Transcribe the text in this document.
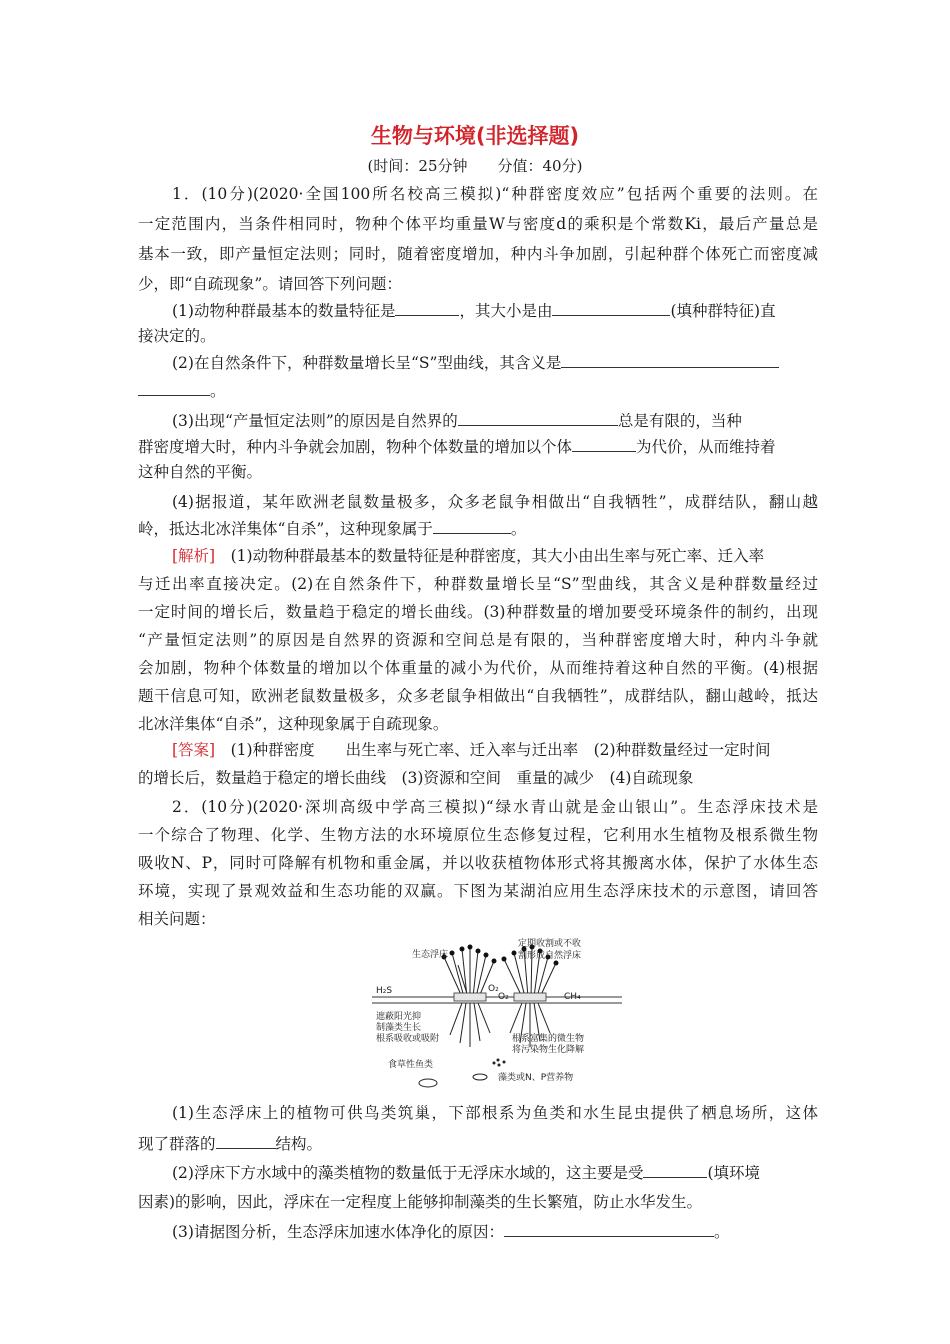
生物与环境(非选择题)
(时间：25分钟　　分值：40分)
1．(10分)(2020·全国100所名校高三模拟)“种群密度效应”包括两个重要的法则。在
一定范围内，当条件相同时，物种个体平均重量W与密度d的乘积是个常数Ki，最后产量总是
基本一致，即产量恒定法则；同时，随着密度增加，种内斗争加剧，引起种群个体死亡而密度减
少，即“自疏现象”。请回答下列问题：
(1)动物种群最基本的数量特征是	，其大小是由	(填种群特征)直
接决定的。
(2)在自然条件下，种群数量增长呈“S”型曲线，其含义是
。
(3)出现“产量恒定法则”的原因是自然界的	总是有限的，当种
群密度增大时，种内斗争就会加剧，物种个体数量的增加以个体	为代价，从而维持着
这种自然的平衡。
(4)据报道，某年欧洲老鼠数量极多，众多老鼠争相做出“自我牺牲”，成群结队，翻山越
岭，抵达北冰洋集体“自杀”，这种现象属于	。
[解析]　(1)动物种群最基本的数量特征是种群密度，其大小由出生率与死亡率、迁入率
与迁出率直接决定。(2)在自然条件下，种群数量增长呈“S”型曲线，其含义是种群数量经过
一定时间的增长后，数量趋于稳定的增长曲线。(3)种群数量的增加要受环境条件的制约，出现
“产量恒定法则”的原因是自然界的资源和空间总是有限的，当种群密度增大时，种内斗争就
会加剧，物种个体数量的增加以个体重量的减小为代价，从而维持着这种自然的平衡。(4)根据
题干信息可知，欧洲老鼠数量极多，众多老鼠争相做出“自我牺牲”，成群结队，翻山越岭，抵达
北冰洋集体“自杀”，这种现象属于自疏现象。
[答案]　(1)种群密度　　出生率与死亡率、迁入率与迁出率　(2)种群数量经过一定时间
的增长后，数量趋于稳定的增长曲线　(3)资源和空间　重量的减少　(4)自疏现象
2．(10分)(2020·深圳高级中学高三模拟)“绿水青山就是金山银山”。生态浮床技术是
一个综合了物理、化学、生物方法的水环境原位生态修复过程，它利用水生植物及根系微生物
吸收N、P，同时可降解有机物和重金属，并以收获植物体形式将其搬离水体，保护了水体生态
环境，实现了景观效益和生态功能的双赢。下图为某湖泊应用生态浮床技术的示意图，请回答
相关问题：
生态浮床
定期收割或不收
割形成自然浮床
H₂S	O₂
O₂	CH₄
遮蔽阳光抑
制藻类生长
根系吸收或吸附	根系富集的微生物
将污染物生化降解
食草性鱼类
藻类或N、P营养物
(1)生态浮床上的植物可供鸟类筑巢，下部根系为鱼类和水生昆虫提供了栖息场所，这体
现了群落的	结构。
(2)浮床下方水域中的藻类植物的数量低于无浮床水域的，这主要是受	(填环境
因素)的影响，因此，浮床在一定程度上能够抑制藻类的生长繁殖，防止水华发生。
(3)请据图分析，生态浮床加速水体净化的原因：	。
